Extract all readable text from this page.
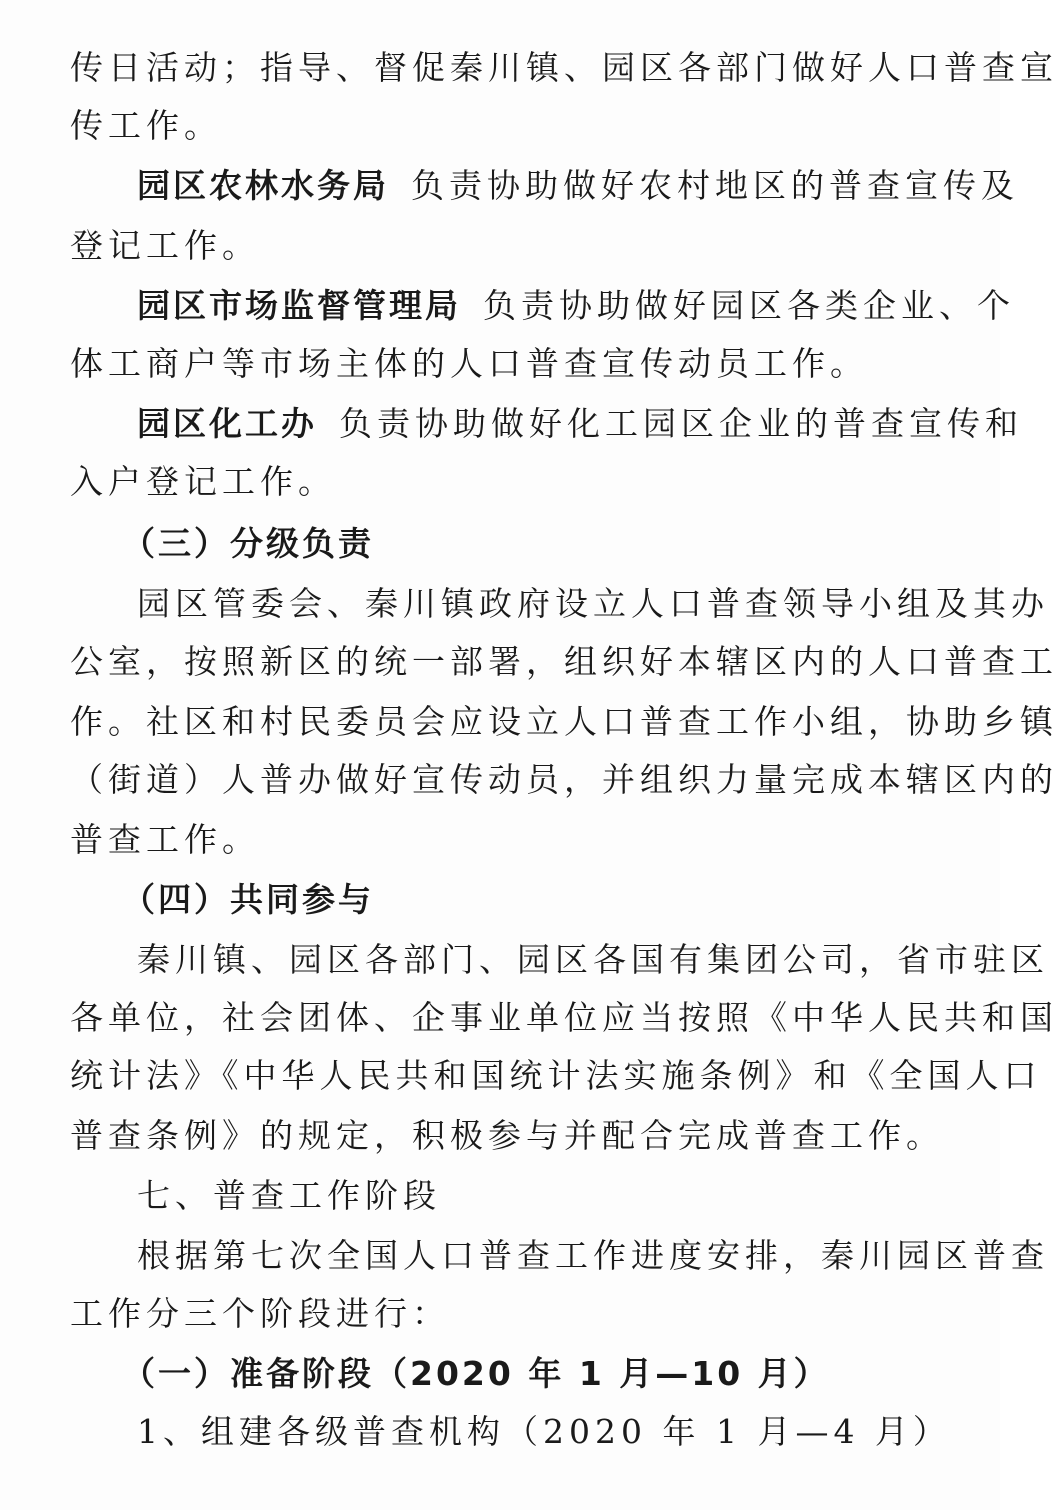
传日活动；指导、督促秦川镇、园区各部门做好人口普查宣
传工作。
园区农林水务局 负责协助做好农村地区的普查宣传及
登记工作。
园区市场监督管理局 负责协助做好园区各类企业、个
体工商户等市场主体的人口普查宣传动员工作。
园区化工办 负责协助做好化工园区企业的普查宣传和
入户登记工作。
（三）分级负责
园区管委会、秦川镇政府设立人口普查领导小组及其办
公室，按照新区的统一部署，组织好本辖区内的人口普查工
作。社区和村民委员会应设立人口普查工作小组，协助乡镇
（街道）人普办做好宣传动员，并组织力量完成本辖区内的
普查工作。
（四）共同参与
秦川镇、园区各部门、园区各国有集团公司，省市驻区
各单位，社会团体、企事业单位应当按照《中华人民共和国
统计法》《中华人民共和国统计法实施条例》和《全国人口
普查条例》的规定，积极参与并配合完成普查工作。
七、普查工作阶段
根据第七次全国人口普查工作进度安排，秦川园区普查
工作分三个阶段进行：
（一）准备阶段（2020 年 1 月—10 月）
1、组建各级普查机构（2020 年 1 月—4 月）
